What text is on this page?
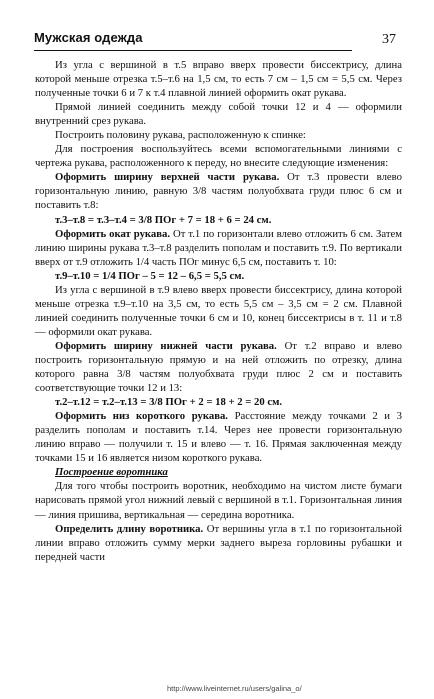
Мужская одежда	37

Из угла с вершиной в т.5 вправо вверх провести биссектрису, длина которой меньше отрезка т.5–т.6 на 1,5 см, то есть 7 см – 1,5 см = 5,5 см. Через полученные точки 6 и 7 к т.4 плавной линией оформить окат рукава.

Прямой линией соединить между собой точки 12 и 4 — оформили внутренний срез рукава.

Построить половину рукава, расположенную к спинке:

Для построения воспользуйтесь всеми вспомогательными линиями с чертежа рукава, расположенного к переду, но внесите следующие изменения:

Оформить ширину верхней части рукава. От т.3 провести влево горизонтальную линию, равную 3/8 частям полуобхвата груди плюс 6 см и поставить т.8:

т.3–т.8 = т.3–т.4 = 3/8 ПОг + 7 = 18 + 6 = 24 см.

Оформить окат рукава. От т.1 по горизонтали влево отложить 6 см. Затем линию ширины рукава т.3–т.8 разделить пополам и поставить т.9. По вертикали вверх от т.9 отложить 1/4 часть ПОг минус 6,5 см, поставить т. 10:

т.9–т.10 = 1/4 ПОг – 5 = 12 – 6,5 = 5,5 см.

Из угла с вершиной в т.9 влево вверх провести биссектрису, длина которой меньше отрезка т.9–т.10 на 3,5 см, то есть 5,5 см – 3,5 см = 2 см. Плавной линией соединить полученные точки 6 см и 10, конец биссектрисы в т. 11 и т.8 — оформили окат рукава.

Оформить ширину нижней части рукава. От т.2 вправо и влево построить горизонтальную прямую и на ней отложить по отрезку, длина которого равна 3/8 частям полуобхвата груди плюс 2 см и поставить соответствующие точки 12 и 13:

т.2–т.12 = т.2–т.13 = 3/8 ПОг + 2 = 18 + 2 = 20 см.

Оформить низ короткого рукава. Расстояние между точками 2 и 3 разделить пополам и поставить т.14. Через нее провести горизонтальную линию вправо — получили т. 15 и влево — т. 16. Прямая заключенная между точками 15 и 16 является низом короткого рукава.

Построение воротника

Для того чтобы построить воротник, необходимо на чистом листе бумаги нарисовать прямой угол нижний левый с вершиной в т.1. Горизонтальная линия — линия пришива, вертикальная — середина воротника.

Определить длину воротника. От вершины угла в т.1 по горизонтальной линии вправо отложить сумму мерки заднего выреза горловины рубашки и передней части

http://www.liveinternet.ru/users/galina_o/
